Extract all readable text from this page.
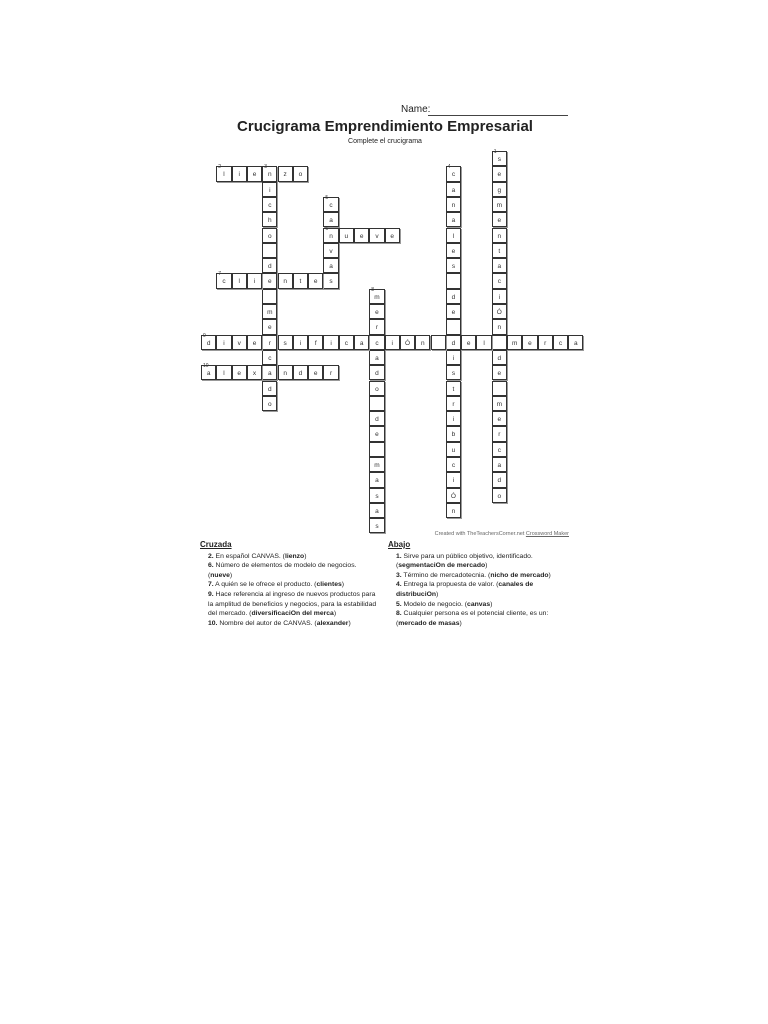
Name:
Crucigrama Emprendimiento Empresarial
Complete el crucigrama
s
1
e
g
m
e
n
t
a
c
i
Ó
n
d
e
m
e
r
c
a
d
o
l
2
i	e	n
3
z	o
i
c
h
o
d
e
m
e
r
c
a
d
o
c
4
a
n
a
l
e
s
d
e
d
i
s
t
r
i
b
u
c
i
Ó
n
c
5
a
n
6
v
a
s
u	e	v	e
c
7
l	i	n	t	e
m
8
e
r
c
a
d
o
d
e
m
a
s
a
s
d
9
i	v	e	s	i	f	i	c	a	i	Ó	n	e	l	m	e	r	c	a
a
10
l	e	x	n	d	e	r
Created with TheTeachersCorner.net Crossword Maker
Cruzada
2. En español CANVAS. (lienzo)
6. Número de elementos de modelo de negocios. (nueve)
7. A quién se le ofrece el producto. (clientes)
9. Hace referencia al ingreso de nuevos productos para la amplitud de beneficios y negocios, para la estabilidad del mercado. (diversificaciOn del merca)
10. Nombre del autor de CANVAS. (alexander)
Abajo
1. Sirve para un público objetivo, identificado. (segmentaciOn de mercado)
3. Término de mercadotecnia. (nicho de mercado)
4. Entrega la propuesta de valor. (canales de distribuciOn)
5. Modelo de negocio. (canvas)
8. Cualquier persona es el potencial cliente, es un: (mercado de masas)
